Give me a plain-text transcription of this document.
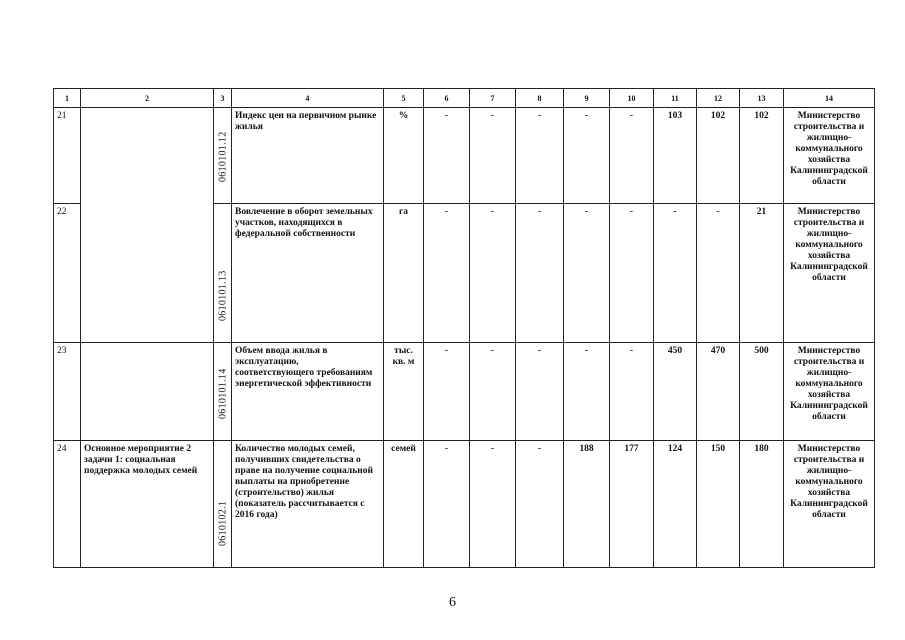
1	2	3	4	5	6	7	8	9	10	11	12	13	14
21		0610101.12	Индекс цен на первичном рынке жилья	%	-	-	-	-	-	103	102	102	Министерство строительства и жилищно-коммунального хозяйства Калининградской области
22		0610101.13	Вовлечение в оборот земельных участков, находящихся в федеральной собственности	га	-	-	-	-	-	-	-	21	Министерство строительства и жилищно-коммунального хозяйства Калининградской области
23		0610101.14	Объем ввода жилья в эксплуатацию, соответствующего требованиям энергетической эффективности	тыс. кв. м	-	-	-	-	-	450	470	500	Министерство строительства и жилищно-коммунального хозяйства Калининградской области
24	Основное мероприятие 2 задачи 1: социальная поддержка молодых семей	0610102.1	Количество молодых семей, получивших свидетельства о праве на получение социальной выплаты на приобретение (строительство) жилья (показатель рассчитывается с 2016 года)	семей	-	-	-	188	177	124	150	180	Министерство строительства и жилищно-коммунального хозяйства Калининградской области
6
